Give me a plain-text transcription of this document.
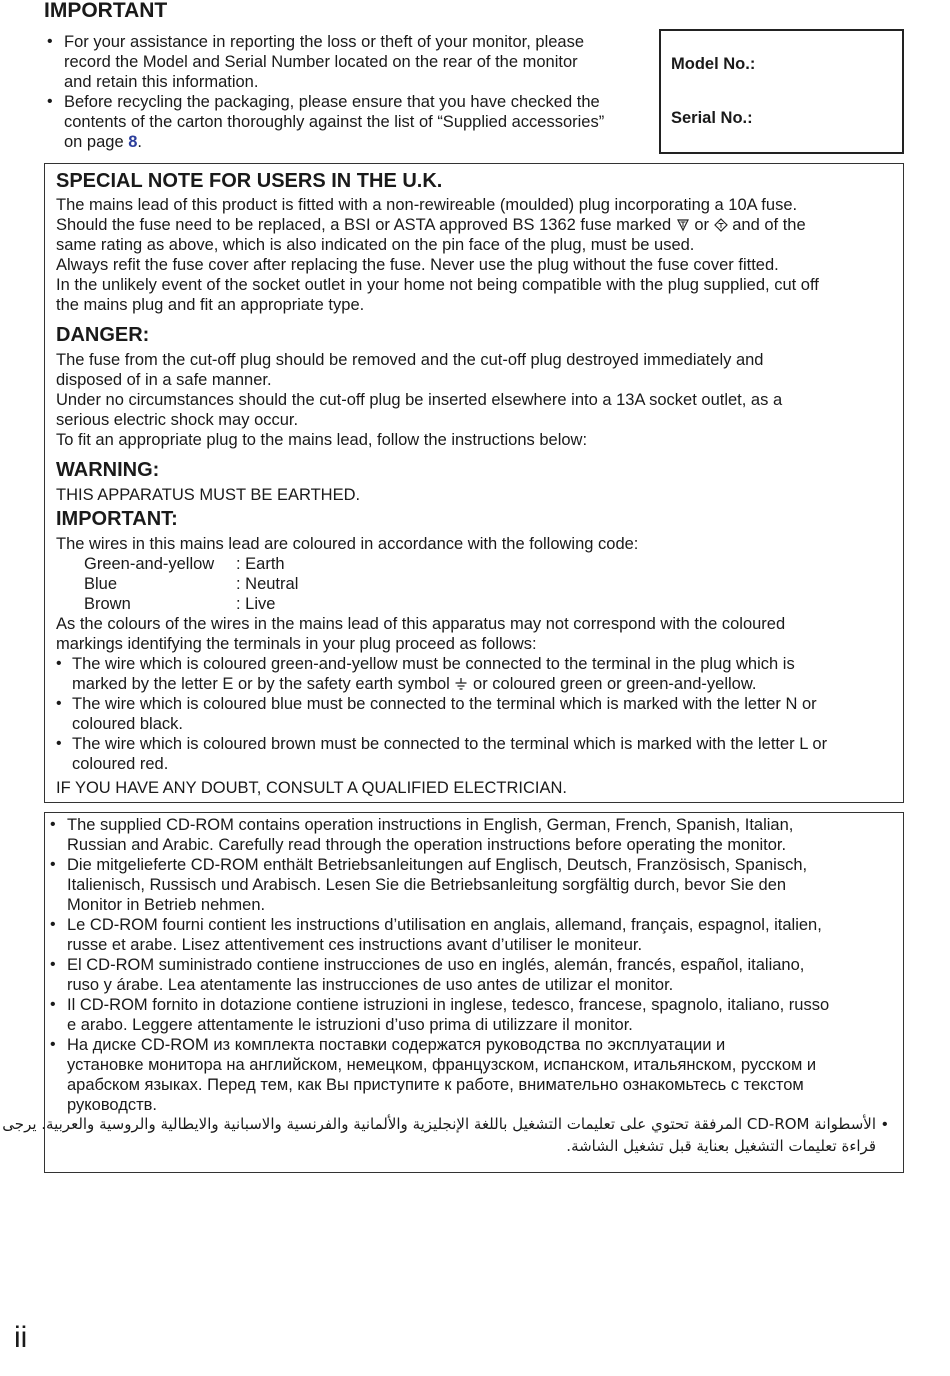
IMPORTANT
• For your assistance in reporting the loss or theft of your monitor, please
record the Model and Serial Number located on the rear of the monitor
and retain this information.
• Before recycling the packaging, please ensure that you have checked the
contents of the carton thoroughly against the list of “Supplied accessories”
on page 8.
Model No.:
Serial No.:
SPECIAL NOTE FOR USERS IN THE U.K.
The mains lead of this product is fitted with a non-rewireable (moulded) plug incorporating a 10A fuse.
Should the fuse need to be replaced, a BSI or ASTA approved BS 1362 fuse marked or and of the
same rating as above, which is also indicated on the pin face of the plug, must be used.
Always refit the fuse cover after replacing the fuse. Never use the plug without the fuse cover fitted.
In the unlikely event of the socket outlet in your home not being compatible with the plug supplied, cut off
the mains plug and fit an appropriate type.
DANGER:
The fuse from the cut-off plug should be removed and the cut-off plug destroyed immediately and
disposed of in a safe manner.
Under no circumstances should the cut-off plug be inserted elsewhere into a 13A socket outlet, as a
serious electric shock may occur.
To fit an appropriate plug to the mains lead, follow the instructions below:
WARNING:
THIS APPARATUS MUST BE EARTHED.
IMPORTANT:
The wires in this mains lead are coloured in accordance with the following code:
Green-and-yellow : Earth
Blue	: Neutral
Brown	: Live
As the colours of the wires in the mains lead of this apparatus may not correspond with the coloured
markings identifying the terminals in your plug proceed as follows:
• The wire which is coloured green-and-yellow must be connected to the terminal in the plug which is
marked by the letter E or by the safety earth symbol or coloured green or green-and-yellow.
• The wire which is coloured blue must be connected to the terminal which is marked with the letter N or
coloured black.
• The wire which is coloured brown must be connected to the terminal which is marked with the letter L or
coloured red.
IF YOU HAVE ANY DOUBT, CONSULT A QUALIFIED ELECTRICIAN.
• The supplied CD-ROM contains operation instructions in English, German, French, Spanish, Italian,
Russian and Arabic. Carefully read through the operation instructions before operating the monitor.
• Die mitgelieferte CD-ROM enthält Betriebsanleitungen auf Englisch, Deutsch, Französisch, Spanisch,
Italienisch, Russisch und Arabisch. Lesen Sie die Betriebsanleitung sorgfältig durch, bevor Sie den
Monitor in Betrieb nehmen.
• Le CD-ROM fourni contient les instructions d’utilisation en anglais, allemand, français, espagnol, italien,
russe et arabe. Lisez attentivement ces instructions avant d’utiliser le moniteur.
• El CD-ROM suministrado contiene instrucciones de uso en inglés, alemán, francés, español, italiano,
ruso y árabe. Lea atentamente las instrucciones de uso antes de utilizar el monitor.
• Il CD-ROM fornito in dotazione contiene istruzioni in inglese, tedesco, francese, spagnolo, italiano, russo
e arabo. Leggere attentamente le istruzioni d’uso prima di utilizzare il monitor.
• На диске CD-ROM из комплекта поставки содержатся руководства по эксплуатации и
установке монитора на английском, немецком, французском, испанском, итальянском, русском и
арабском языках. Перед тем, как Вы приступите к работе, внимательно ознакомьтесь с текстом
руководств.
•
الأسطوانة CD-ROM المرفقة تحتوي على تعليمات التشغيل باللغة الإنجليزية والألمانية والفرنسية والاسبانية والايطالية والروسية والعربية. يرجى
قراءة تعليمات التشغيل بعناية قبل تشغيل الشاشة.
ii
